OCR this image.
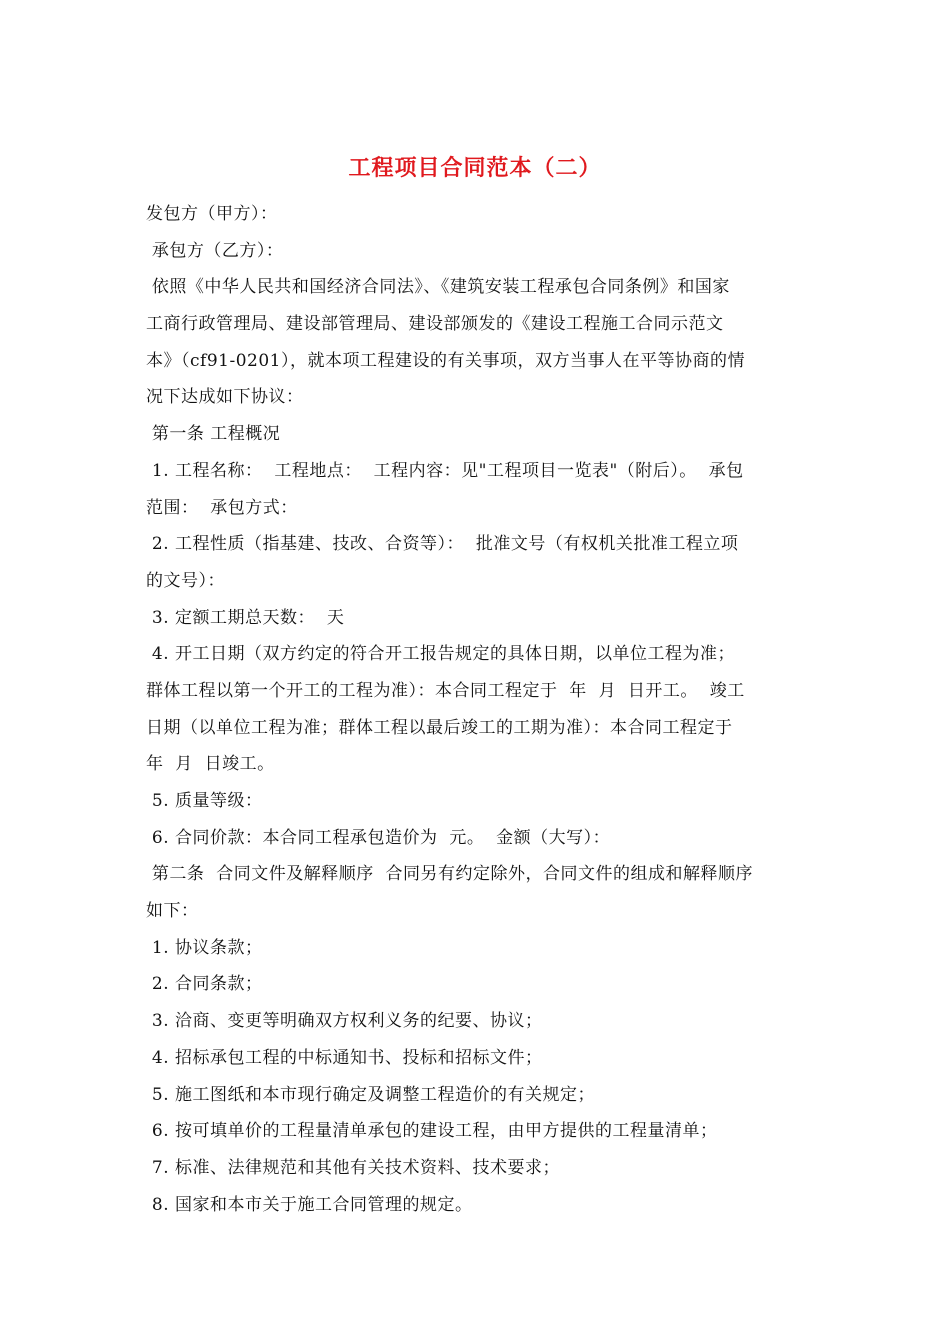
工程项目合同范本（二）
发包方（甲方）：
承包方（乙方）：
依照《中华人民共和国经济合同法》、《建筑安装工程承包合同条例》和国家
工商行政管理局、建设部管理局、建设部颁发的《建设工程施工合同示范文
本》（cf91-0201），就本项工程建设的有关事项，双方当事人在平等协商的情
况下达成如下协议：
第一条 工程概况
1. 工程名称：  工程地点：  工程内容：见"工程项目一览表"（附后）。  承包
范围：  承包方式：
2. 工程性质（指基建、技改、合资等）：  批准文号（有权机关批准工程立项
的文号）：
3. 定额工期总天数：  天
4. 开工日期（双方约定的符合开工报告规定的具体日期，以单位工程为准；
群体工程以第一个开工的工程为准）：本合同工程定于  年  月  日开工。  竣工
日期（以单位工程为准；群体工程以最后竣工的工期为准）：本合同工程定于
年  月  日竣工。
5. 质量等级：
6. 合同价款：本合同工程承包造价为  元。  金额（大写）：
第二条  合同文件及解释顺序  合同另有约定除外，合同文件的组成和解释顺序
如下：
1. 协议条款；
2. 合同条款；
3. 洽商、变更等明确双方权利义务的纪要、协议；
4. 招标承包工程的中标通知书、投标和招标文件；
5. 施工图纸和本市现行确定及调整工程造价的有关规定；
6. 按可填单价的工程量清单承包的建设工程，由甲方提供的工程量清单；
7. 标准、法律规范和其他有关技术资料、技术要求；
8. 国家和本市关于施工合同管理的规定。
